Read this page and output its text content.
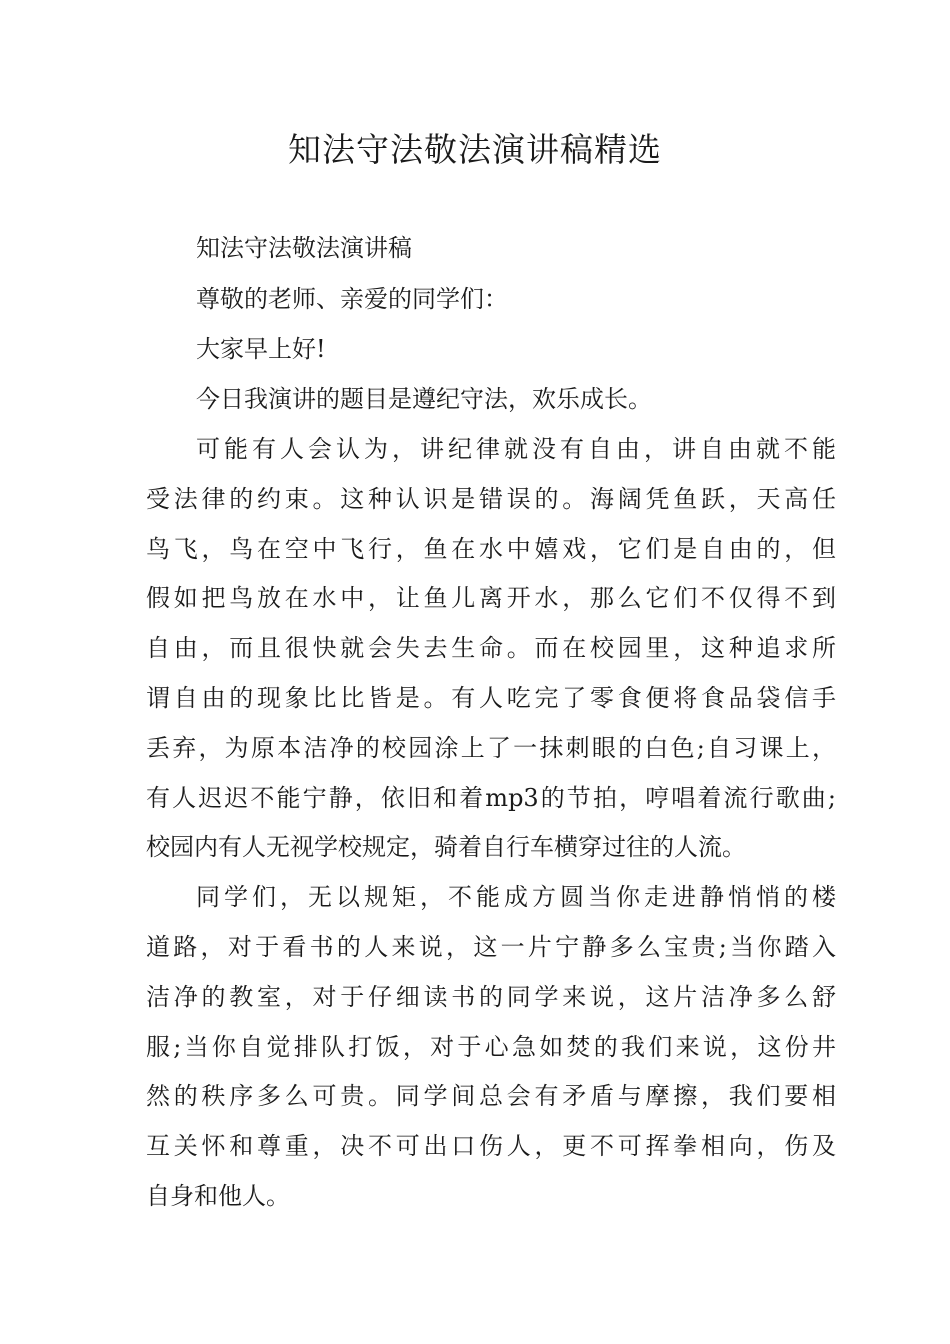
知法守法敬法演讲稿精选

知法守法敬法演讲稿

尊敬的老师、亲爱的同学们：

大家早上好!

今日我演讲的题目是遵纪守法，欢乐成长。

可能有人会认为，讲纪律就没有自由，讲自由就不能

受法律的约束。这种认识是错误的。海阔凭鱼跃，天高任

鸟飞，鸟在空中飞行，鱼在水中嬉戏，它们是自由的，但

假如把鸟放在水中，让鱼儿离开水，那么它们不仅得不到

自由，而且很快就会失去生命。而在校园里，这种追求所

谓自由的现象比比皆是。有人吃完了零食便将食品袋信手

丢弃，为原本洁净的校园涂上了一抹刺眼的白色;自习课上，

有人迟迟不能宁静，依旧和着mp3的节拍，哼唱着流行歌曲;

校园内有人无视学校规定，骑着自行车横穿过往的人流。

同学们，无以规矩，不能成方圆当你走进静悄悄的楼

道路，对于看书的人来说，这一片宁静多么宝贵;当你踏入

洁净的教室，对于仔细读书的同学来说，这片洁净多么舒

服;当你自觉排队打饭，对于心急如焚的我们来说，这份井

然的秩序多么可贵。同学间总会有矛盾与摩擦，我们要相

互关怀和尊重，决不可出口伤人，更不可挥拳相向，伤及

自身和他人。
